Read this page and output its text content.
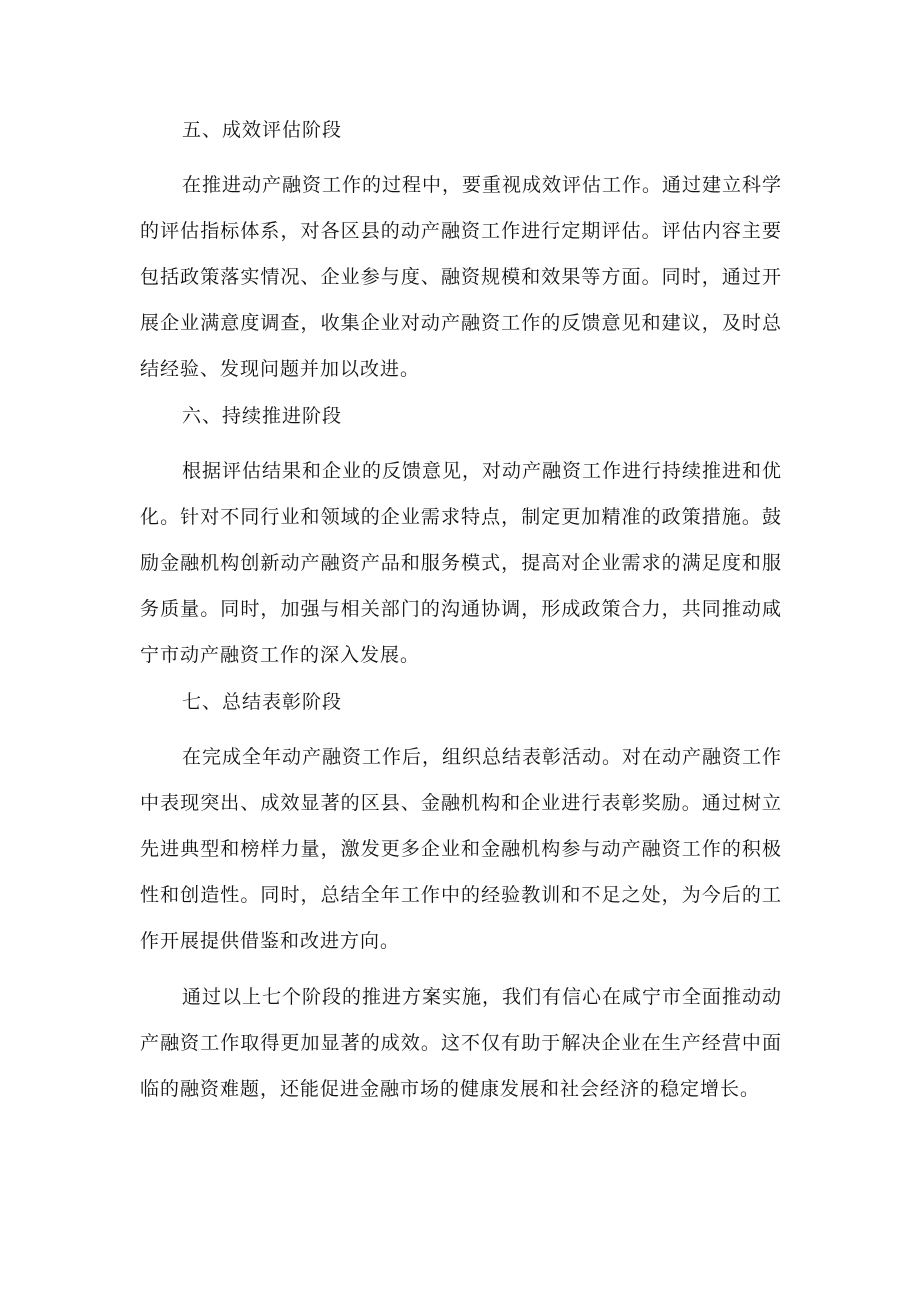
五、成效评估阶段

在推进动产融资工作的过程中，要重视成效评估工作。通过建立科学的评估指标体系，对各区县的动产融资工作进行定期评估。评估内容主要包括政策落实情况、企业参与度、融资规模和效果等方面。同时，通过开展企业满意度调查，收集企业对动产融资工作的反馈意见和建议，及时总结经验、发现问题并加以改进。

六、持续推进阶段

根据评估结果和企业的反馈意见，对动产融资工作进行持续推进和优化。针对不同行业和领域的企业需求特点，制定更加精准的政策措施。鼓励金融机构创新动产融资产品和服务模式，提高对企业需求的满足度和服务质量。同时，加强与相关部门的沟通协调，形成政策合力，共同推动咸宁市动产融资工作的深入发展。

七、总结表彰阶段

在完成全年动产融资工作后，组织总结表彰活动。对在动产融资工作中表现突出、成效显著的区县、金融机构和企业进行表彰奖励。通过树立先进典型和榜样力量，激发更多企业和金融机构参与动产融资工作的积极性和创造性。同时，总结全年工作中的经验教训和不足之处，为今后的工作开展提供借鉴和改进方向。

通过以上七个阶段的推进方案实施，我们有信心在咸宁市全面推动动产融资工作取得更加显著的成效。这不仅有助于解决企业在生产经营中面临的融资难题，还能促进金融市场的健康发展和社会经济的稳定增长。
